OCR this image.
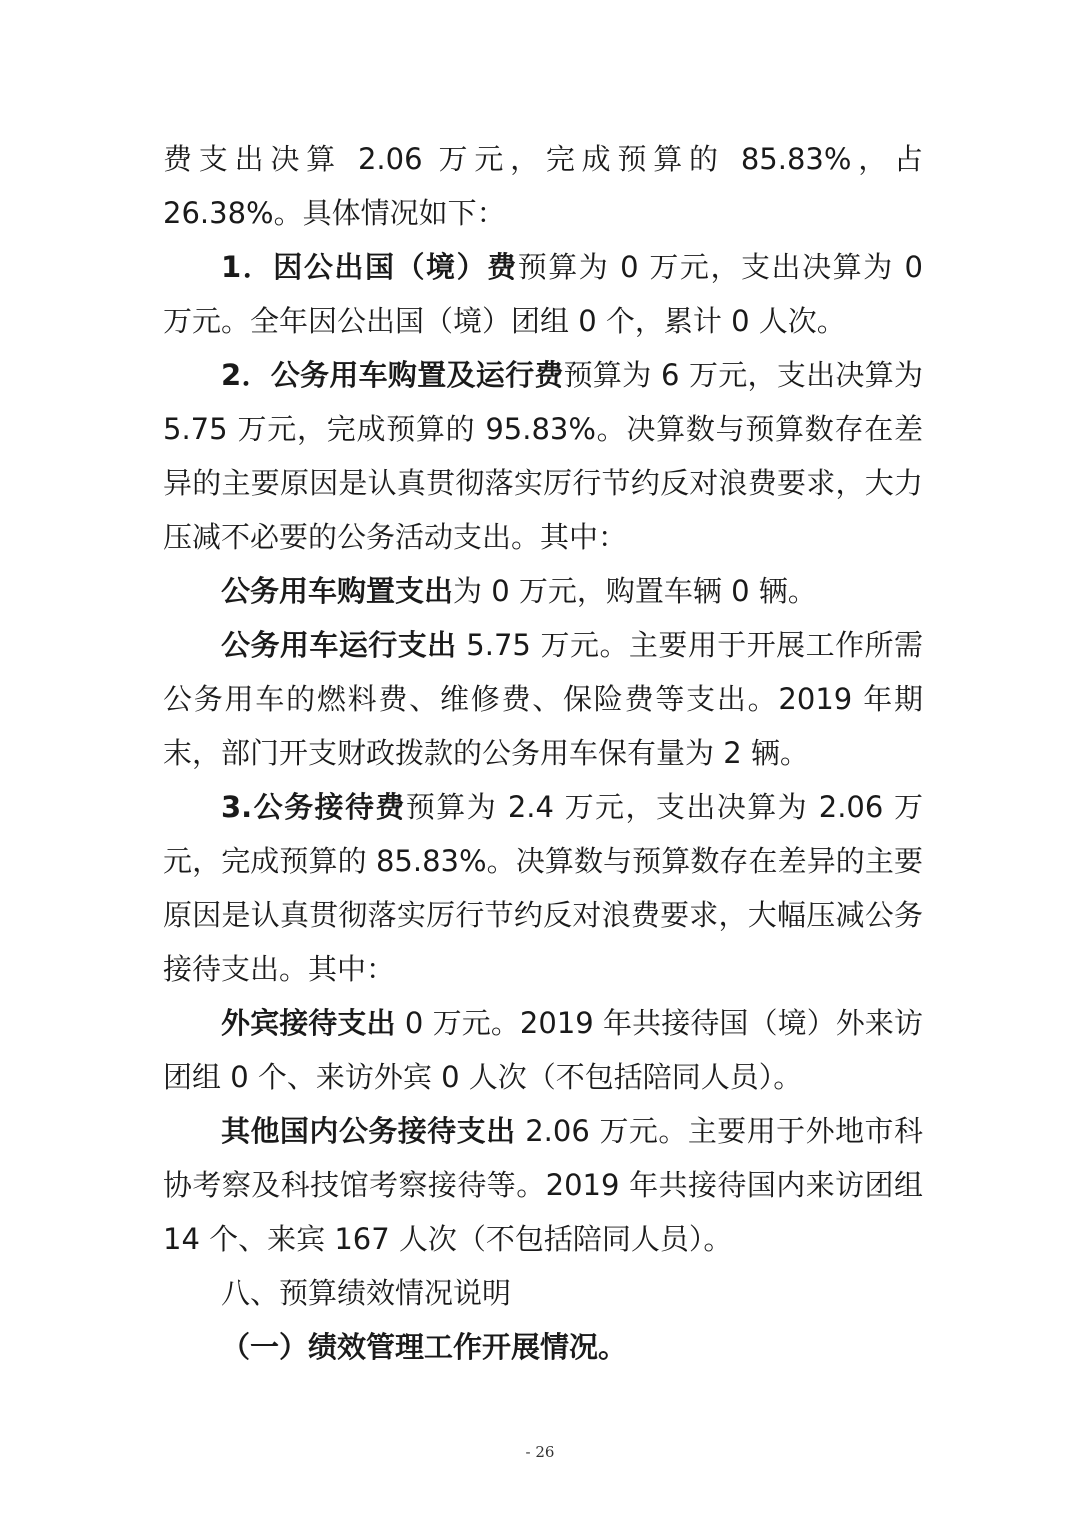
费支出决算 2.06 万元，完成预算的 85.83%，占 26.38%。具体情况如下：

1．因公出国（境）费预算为 0 万元，支出决算为 0 万元。全年因公出国（境）团组 0 个，累计 0 人次。

2．公务用车购置及运行费预算为 6 万元，支出决算为 5.75 万元，完成预算的 95.83%。决算数与预算数存在差异的主要原因是认真贯彻落实厉行节约反对浪费要求，大力压减不必要的公务活动支出。其中：

公务用车购置支出为 0 万元，购置车辆 0 辆。

公务用车运行支出 5.75 万元。主要用于开展工作所需公务用车的燃料费、维修费、保险费等支出。2019 年期末，部门开支财政拨款的公务用车保有量为 2 辆。

3.公务接待费预算为 2.4 万元，支出决算为 2.06 万元，完成预算的 85.83%。决算数与预算数存在差异的主要原因是认真贯彻落实厉行节约反对浪费要求，大幅压减公务接待支出。其中：

外宾接待支出 0 万元。2019 年共接待国（境）外来访团组 0 个、来访外宾 0 人次（不包括陪同人员）。

其他国内公务接待支出 2.06 万元。主要用于外地市科协考察及科技馆考察接待等。2019 年共接待国内来访团组 14 个、来宾 167 人次（不包括陪同人员）。

八、预算绩效情况说明

（一）绩效管理工作开展情况。

- 26
